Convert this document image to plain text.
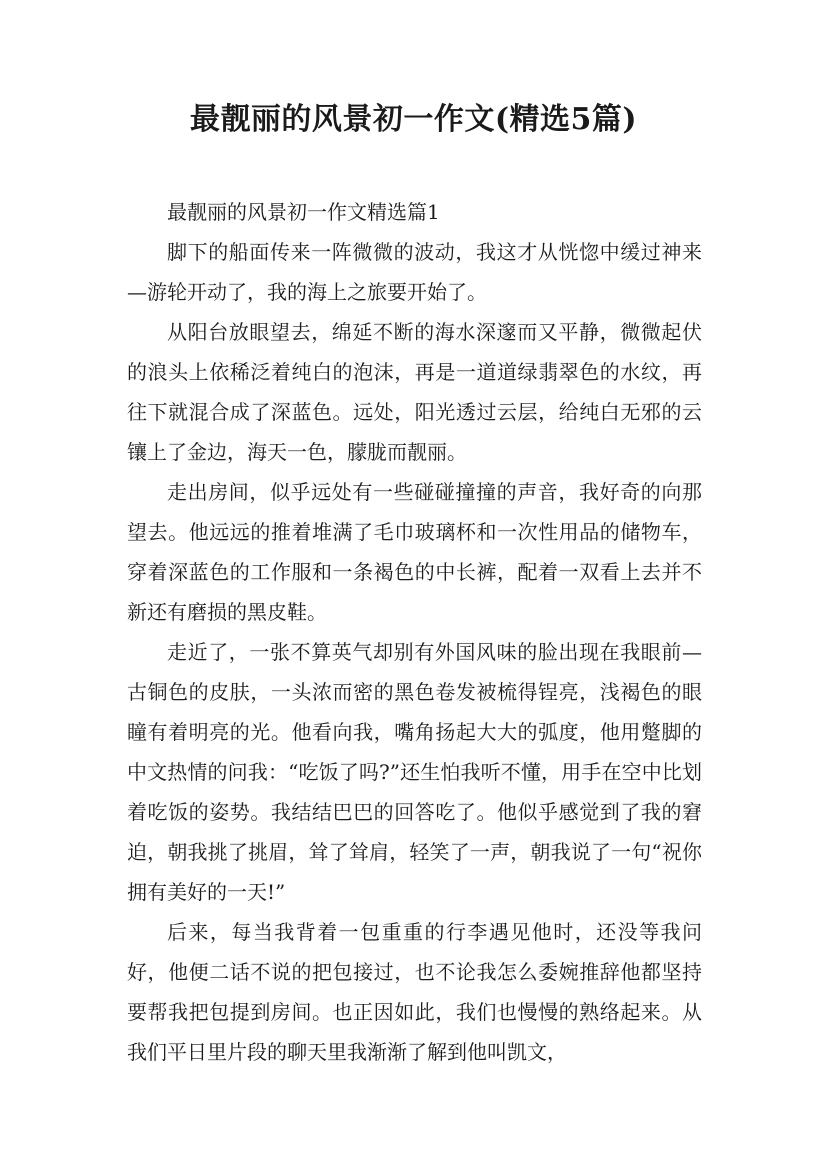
最靓丽的风景初一作文(精选5篇)

最靓丽的风景初一作文精选篇1

脚下的船面传来一阵微微的波动，我这才从恍惚中缓过神来—游轮开动了，我的海上之旅要开始了。

从阳台放眼望去，绵延不断的海水深邃而又平静，微微起伏的浪头上依稀泛着纯白的泡沫，再是一道道绿翡翠色的水纹，再往下就混合成了深蓝色。远处，阳光透过云层，给纯白无邪的云镶上了金边，海天一色，朦胧而靓丽。

走出房间，似乎远处有一些碰碰撞撞的声音，我好奇的向那望去。他远远的推着堆满了毛巾玻璃杯和一次性用品的储物车，穿着深蓝色的工作服和一条褐色的中长裤，配着一双看上去并不新还有磨损的黑皮鞋。

走近了，一张不算英气却别有外国风味的脸出现在我眼前—古铜色的皮肤，一头浓而密的黑色卷发被梳得锃亮，浅褐色的眼瞳有着明亮的光。他看向我，嘴角扬起大大的弧度，他用蹩脚的中文热情的问我：“吃饭了吗?”还生怕我听不懂，用手在空中比划着吃饭的姿势。我结结巴巴的回答吃了。他似乎感觉到了我的窘迫，朝我挑了挑眉，耸了耸肩，轻笑了一声，朝我说了一句“祝你拥有美好的一天!”

后来，每当我背着一包重重的行李遇见他时，还没等我问好，他便二话不说的把包接过，也不论我怎么委婉推辞他都坚持要帮我把包提到房间。也正因如此，我们也慢慢的熟络起来。从我们平日里片段的聊天里我渐渐了解到他叫凯文，
